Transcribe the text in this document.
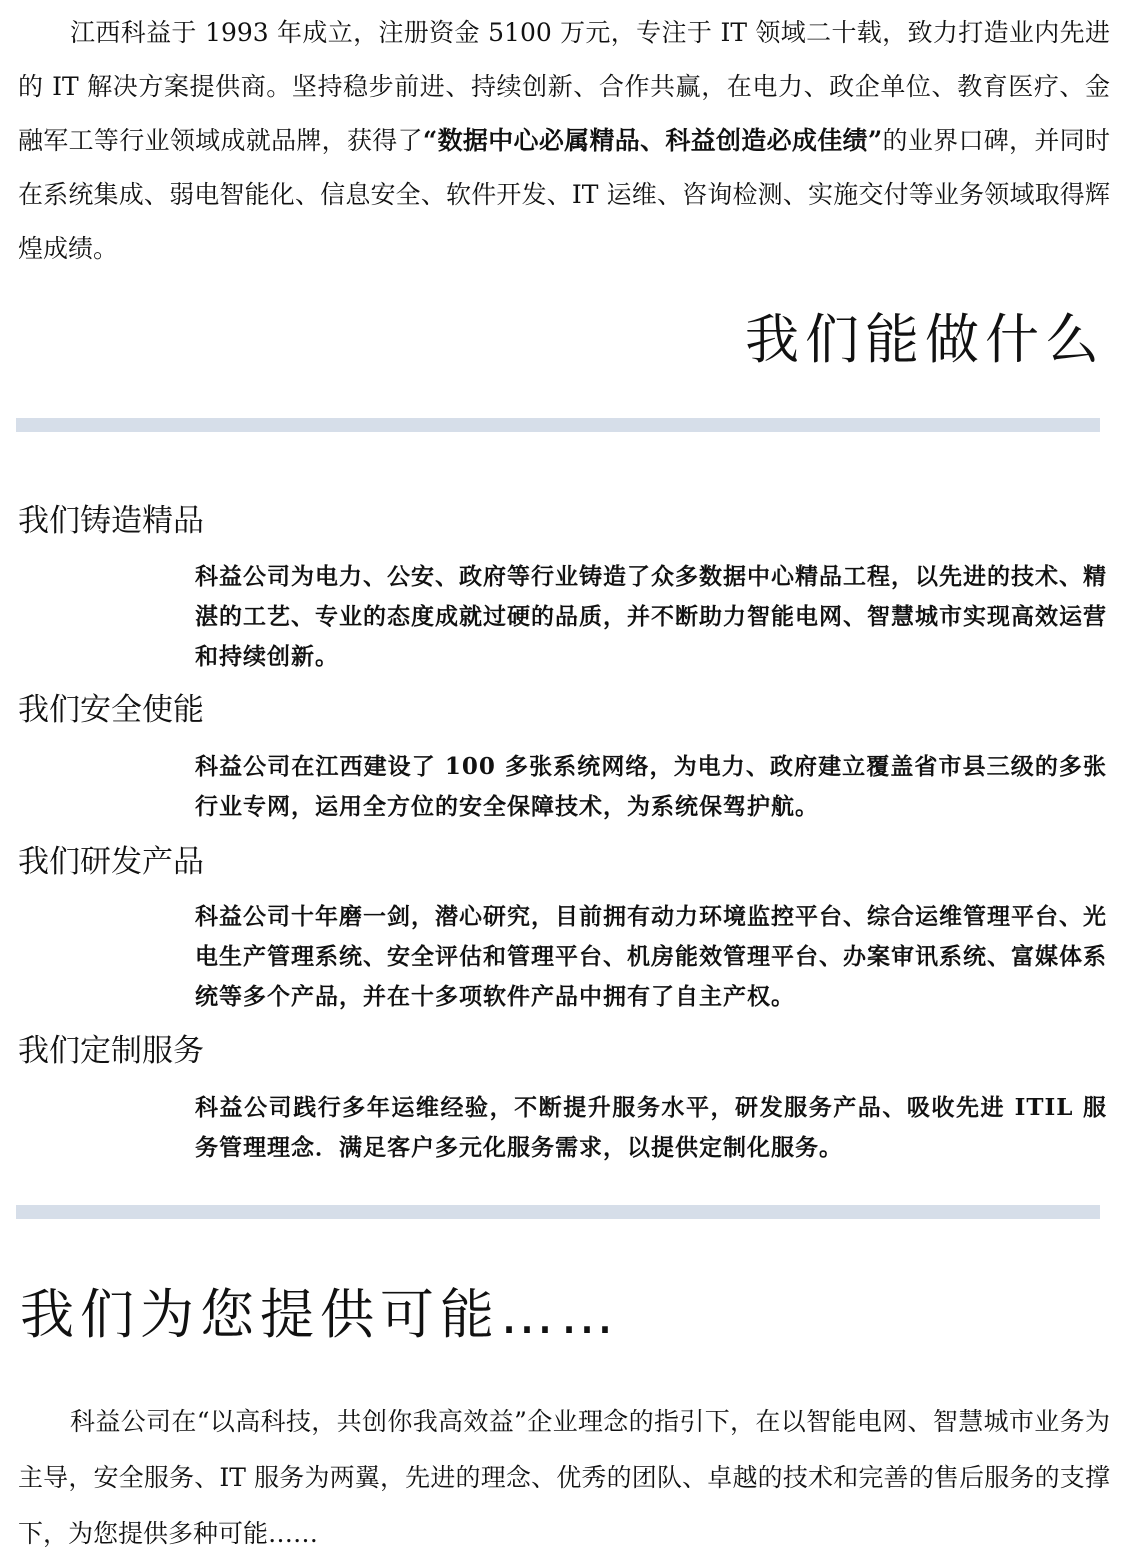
江西科益于 1993 年成立，注册资金 5100 万元，专注于 IT 领域二十载，致力打造业内先进的 IT 解决方案提供商。坚持稳步前进、持续创新、合作共赢，在电力、政企单位、教育医疗、金融军工等行业领域成就品牌，获得了“数据中心必属精品、科益创造必成佳绩”的业界口碑，并同时在系统集成、弱电智能化、信息安全、软件开发、IT 运维、咨询检测、实施交付等业务领域取得辉煌成绩。

我们能做什么
我们铸造精品

科益公司为电力、公安、政府等行业铸造了众多数据中心精品工程，以先进的技术、精湛的工艺、专业的态度成就过硬的品质，并不断助力智能电网、智慧城市实现高效运营和持续创新。

我们安全使能

科益公司在江西建设了 100 多张系统网络，为电力、政府建立覆盖省市县三级的多张行业专网，运用全方位的安全保障技术，为系统保驾护航。

我们研发产品

科益公司十年磨一剑，潜心研究，目前拥有动力环境监控平台、综合运维管理平台、光电生产管理系统、安全评估和管理平台、机房能效管理平台、办案审讯系统、富媒体系统等多个产品，并在十多项软件产品中拥有了自主产权。

我们定制服务

科益公司践行多年运维经验，不断提升服务水平，研发服务产品、吸收先进 ITIL 服务管理理念．满足客户多元化服务需求，以提供定制化服务。

我们为您提供可能……

科益公司在“以高科技，共创你我高效益”企业理念的指引下，在以智能电网、智慧城市业务为主导，安全服务、IT 服务为两翼，先进的理念、优秀的团队、卓越的技术和完善的售后服务的支撑下，为您提供多种可能……
